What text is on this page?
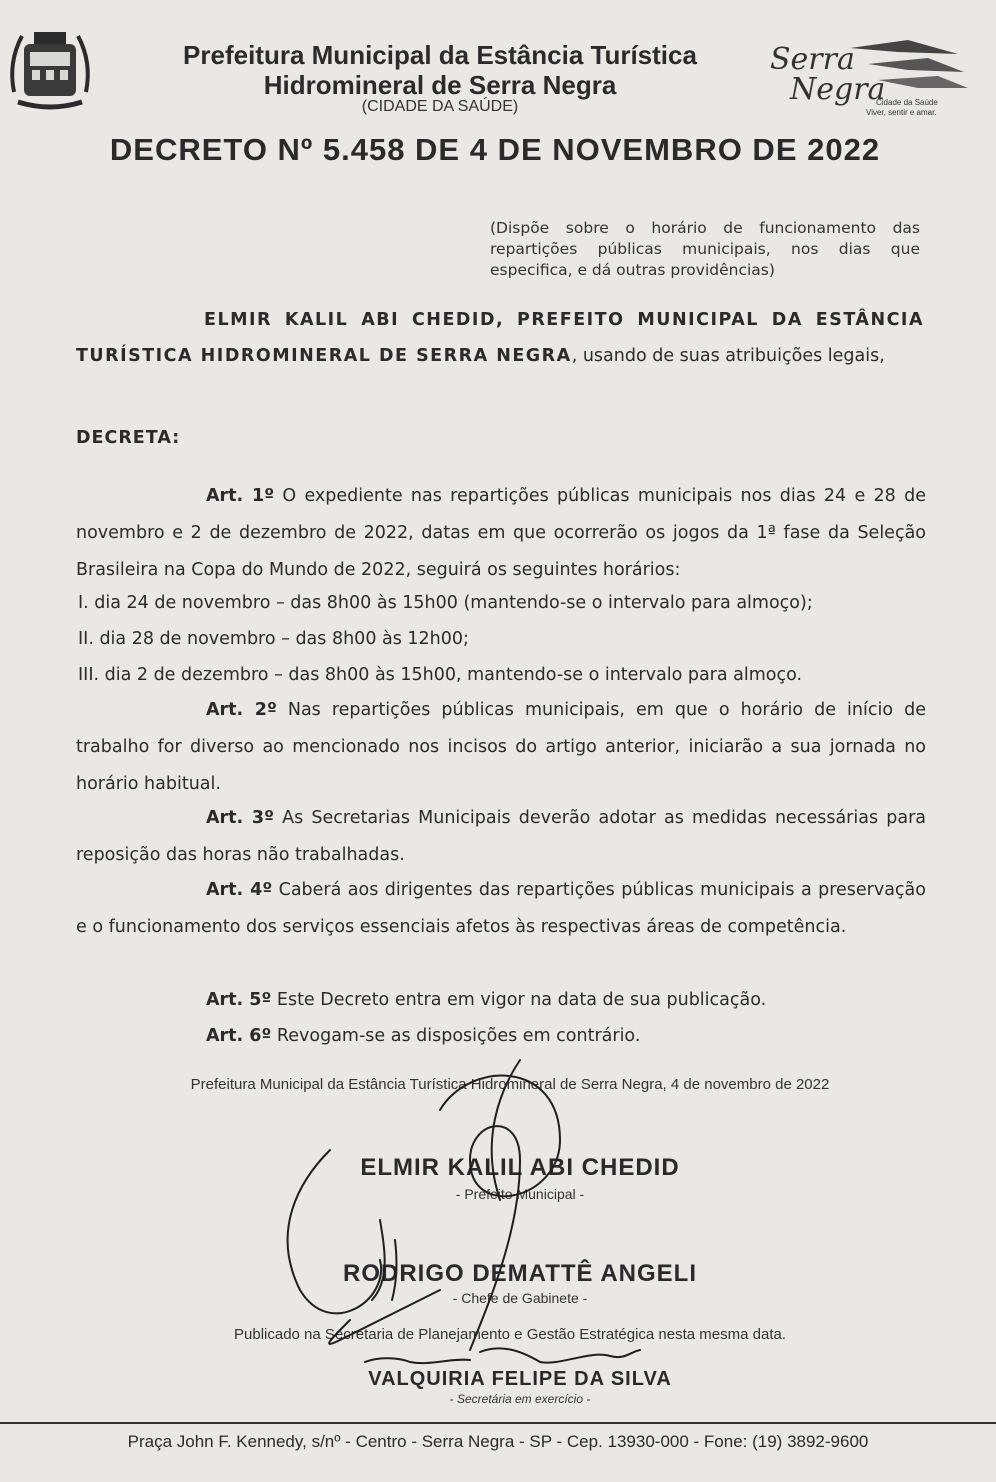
Prefeitura Municipal da Estância Turística
Hidromineral de Serra Negra
(CIDADE DA SAÚDE)
Serra
Negra
Cidade da Saúde
Viver, sentir e amar.
DECRETO Nº 5.458 DE 4 DE NOVEMBRO DE 2022
(Dispõe sobre o horário de funcionamento das repartições públicas municipais, nos dias que especifica, e dá outras providências)
ELMIR KALIL ABI CHEDID, PREFEITO MUNICIPAL DA ESTÂNCIA TURÍSTICA HIDROMINERAL DE SERRA NEGRA, usando de suas atribuições legais,
DECRETA:
Art. 1º O expediente nas repartições públicas municipais nos dias 24 e 28 de novembro e 2 de dezembro de 2022, datas em que ocorrerão os jogos da 1ª fase da Seleção Brasileira na Copa do Mundo de 2022, seguirá os seguintes horários:
I. dia 24 de novembro – das 8h00 às 15h00 (mantendo-se o intervalo para almoço);
II. dia 28 de novembro – das 8h00 às 12h00;
III. dia 2 de dezembro – das 8h00 às 15h00, mantendo-se o intervalo para almoço.
Art. 2º Nas repartições públicas municipais, em que o horário de início de trabalho for diverso ao mencionado nos incisos do artigo anterior, iniciarão a sua jornada no horário habitual.
Art. 3º As Secretarias Municipais deverão adotar as medidas necessárias para reposição das horas não trabalhadas.
Art. 4º Caberá aos dirigentes das repartições públicas municipais a preservação e o funcionamento dos serviços essenciais afetos às respectivas áreas de competência.
Art. 5º Este Decreto entra em vigor na data de sua publicação.
Art. 6º Revogam-se as disposições em contrário.
Prefeitura Municipal da Estância Turística Hidromineral de Serra Negra, 4 de novembro de 2022
ELMIR KALIL ABI CHEDID
- Prefeito Municipal -
RODRIGO DEMATTÊ ANGELI
- Chefe de Gabinete -
Publicado na Secretaria de Planejamento e Gestão Estratégica nesta mesma data.
VALQUIRIA FELIPE DA SILVA
- Secretária em exercício -
Praça John F. Kennedy, s/nº - Centro - Serra Negra - SP - Cep. 13930-000 - Fone: (19) 3892-9600
